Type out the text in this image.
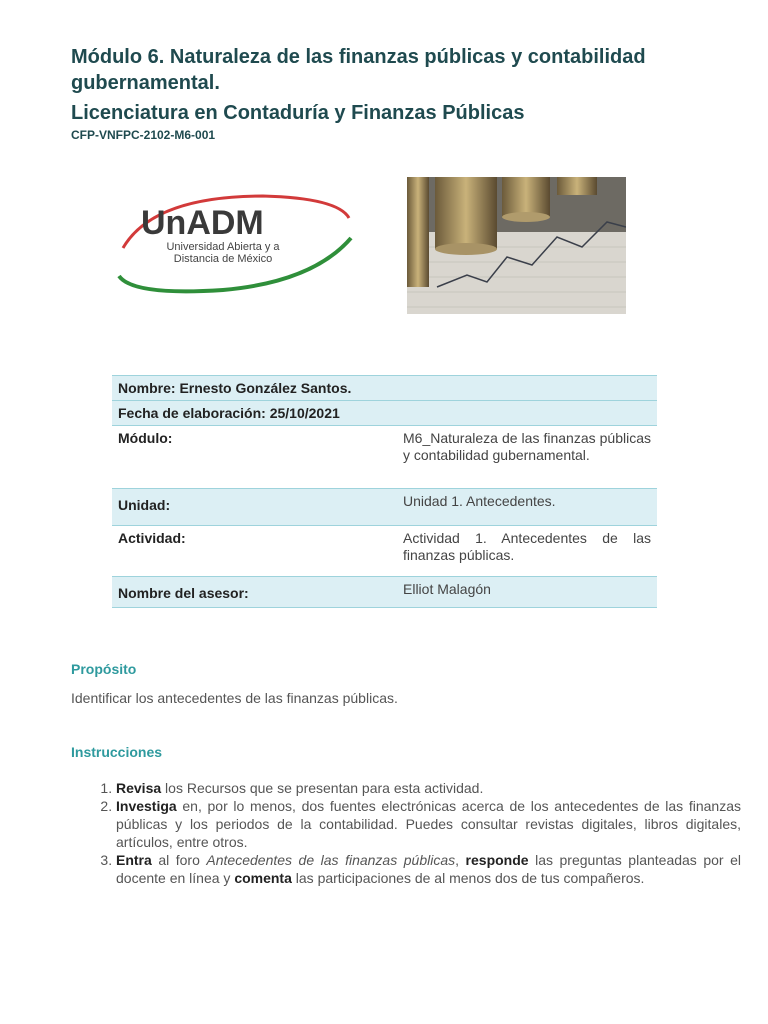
Módulo 6. Naturaleza de las finanzas públicas y contabilidad gubernamental.
Licenciatura en Contaduría y Finanzas Públicas
CFP-VNFPC-2102-M6-001
UnADM
Universidad Abierta y a
Distancia de México
Nombre: Ernesto González Santos.	
Fecha de elaboración: 25/10/2021	
Módulo:	M6_Naturaleza de las finanzas públicas y contabilidad gubernamental.
Unidad:	Unidad 1. Antecedentes.
Actividad:	Actividad 1. Antecedentes de las finanzas públicas.
Nombre del asesor:	Elliot Malagón
Propósito
Identificar los antecedentes de las finanzas públicas.
Instrucciones
1. Revisa los Recursos que se presentan para esta actividad.
2. Investiga en, por lo menos, dos fuentes electrónicas acerca de los antecedentes de las finanzas públicas y los periodos de la contabilidad. Puedes consultar revistas digitales, libros digitales, artículos, entre otros.
3. Entra al foro Antecedentes de las finanzas públicas, responde las preguntas planteadas por el docente en línea y comenta las participaciones de al menos dos de tus compañeros.
